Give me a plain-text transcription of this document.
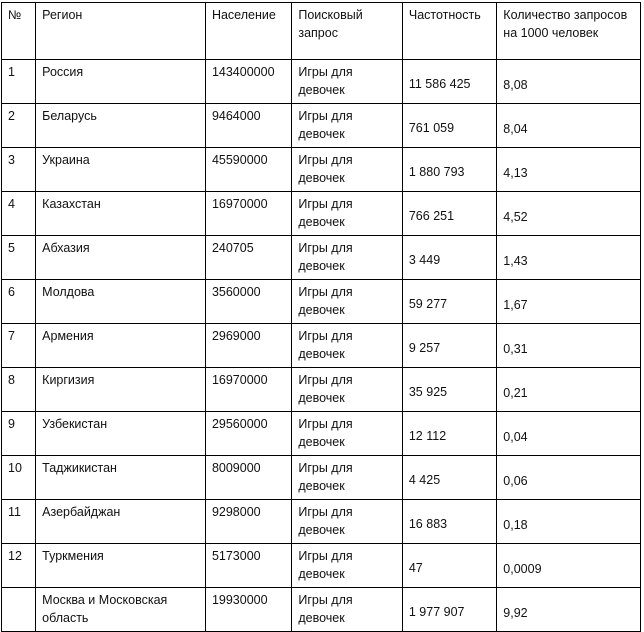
№	Регион	Население	Поисковый запрос	Частотность	Количество запросов на 1000 человек
1	Россия	143400000	Игры для девочек	11 586 425	8,08
2	Беларусь	9464000	Игры для девочек	761 059	8,04
3	Украина	45590000	Игры для девочек	1 880 793	4,13
4	Казахстан	16970000	Игры для девочек	766 251	4,52
5	Абхазия	240705	Игры для девочек	3 449	1,43
6	Молдова	3560000	Игры для девочек	59 277	1,67
7	Армения	2969000	Игры для девочек	9 257	0,31
8	Киргизия	16970000	Игры для девочек	35 925	0,21
9	Узбекистан	29560000	Игры для девочек	12 112	0,04
10	Таджикистан	8009000	Игры для девочек	4 425	0,06
11	Азербайджан	9298000	Игры для девочек	16 883	0,18
12	Туркмения	5173000	Игры для девочек	47	0,0009
	Москва и Московская область	19930000	Игры для девочек	1 977 907	9,92
